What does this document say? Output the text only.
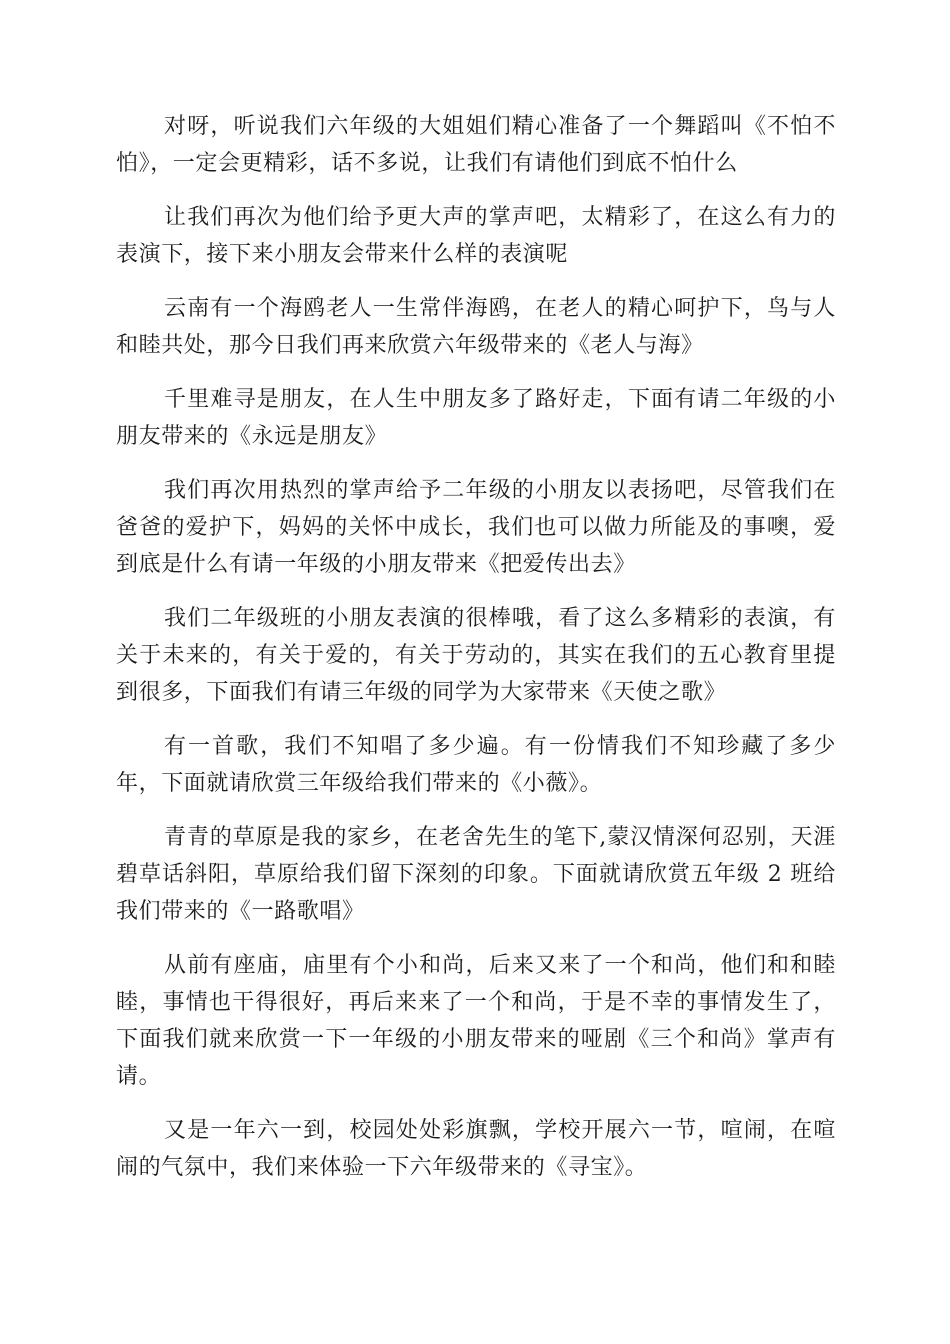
对呀，听说我们六年级的大姐姐们精心准备了一个舞蹈叫《不怕不怕》，一定会更精彩，话不多说，让我们有请他们到底不怕什么

让我们再次为他们给予更大声的掌声吧，太精彩了，在这么有力的表演下，接下来小朋友会带来什么样的表演呢

云南有一个海鸥老人一生常伴海鸥，在老人的精心呵护下，鸟与人和睦共处，那今日我们再来欣赏六年级带来的《老人与海》

千里难寻是朋友，在人生中朋友多了路好走，下面有请二年级的小朋友带来的《永远是朋友》

我们再次用热烈的掌声给予二年级的小朋友以表扬吧，尽管我们在爸爸的爱护下，妈妈的关怀中成长，我们也可以做力所能及的事噢，爱到底是什么有请一年级的小朋友带来《把爱传出去》

我们二年级班的小朋友表演的很棒哦，看了这么多精彩的表演，有关于未来的，有关于爱的，有关于劳动的，其实在我们的五心教育里提到很多，下面我们有请三年级的同学为大家带来《天使之歌》

有一首歌，我们不知唱了多少遍。有一份情我们不知珍藏了多少年，下面就请欣赏三年级给我们带来的《小薇》。

青青的草原是我的家乡，在老舍先生的笔下,蒙汉情深何忍别，天涯碧草话斜阳，草原给我们留下深刻的印象。下面就请欣赏五年级 2 班给我们带来的《一路歌唱》

从前有座庙，庙里有个小和尚，后来又来了一个和尚，他们和和睦睦，事情也干得很好，再后来来了一个和尚，于是不幸的事情发生了，下面我们就来欣赏一下一年级的小朋友带来的哑剧《三个和尚》掌声有请。

又是一年六一到，校园处处彩旗飘，学校开展六一节，喧闹，在喧闹的气氛中，我们来体验一下六年级带来的《寻宝》。
